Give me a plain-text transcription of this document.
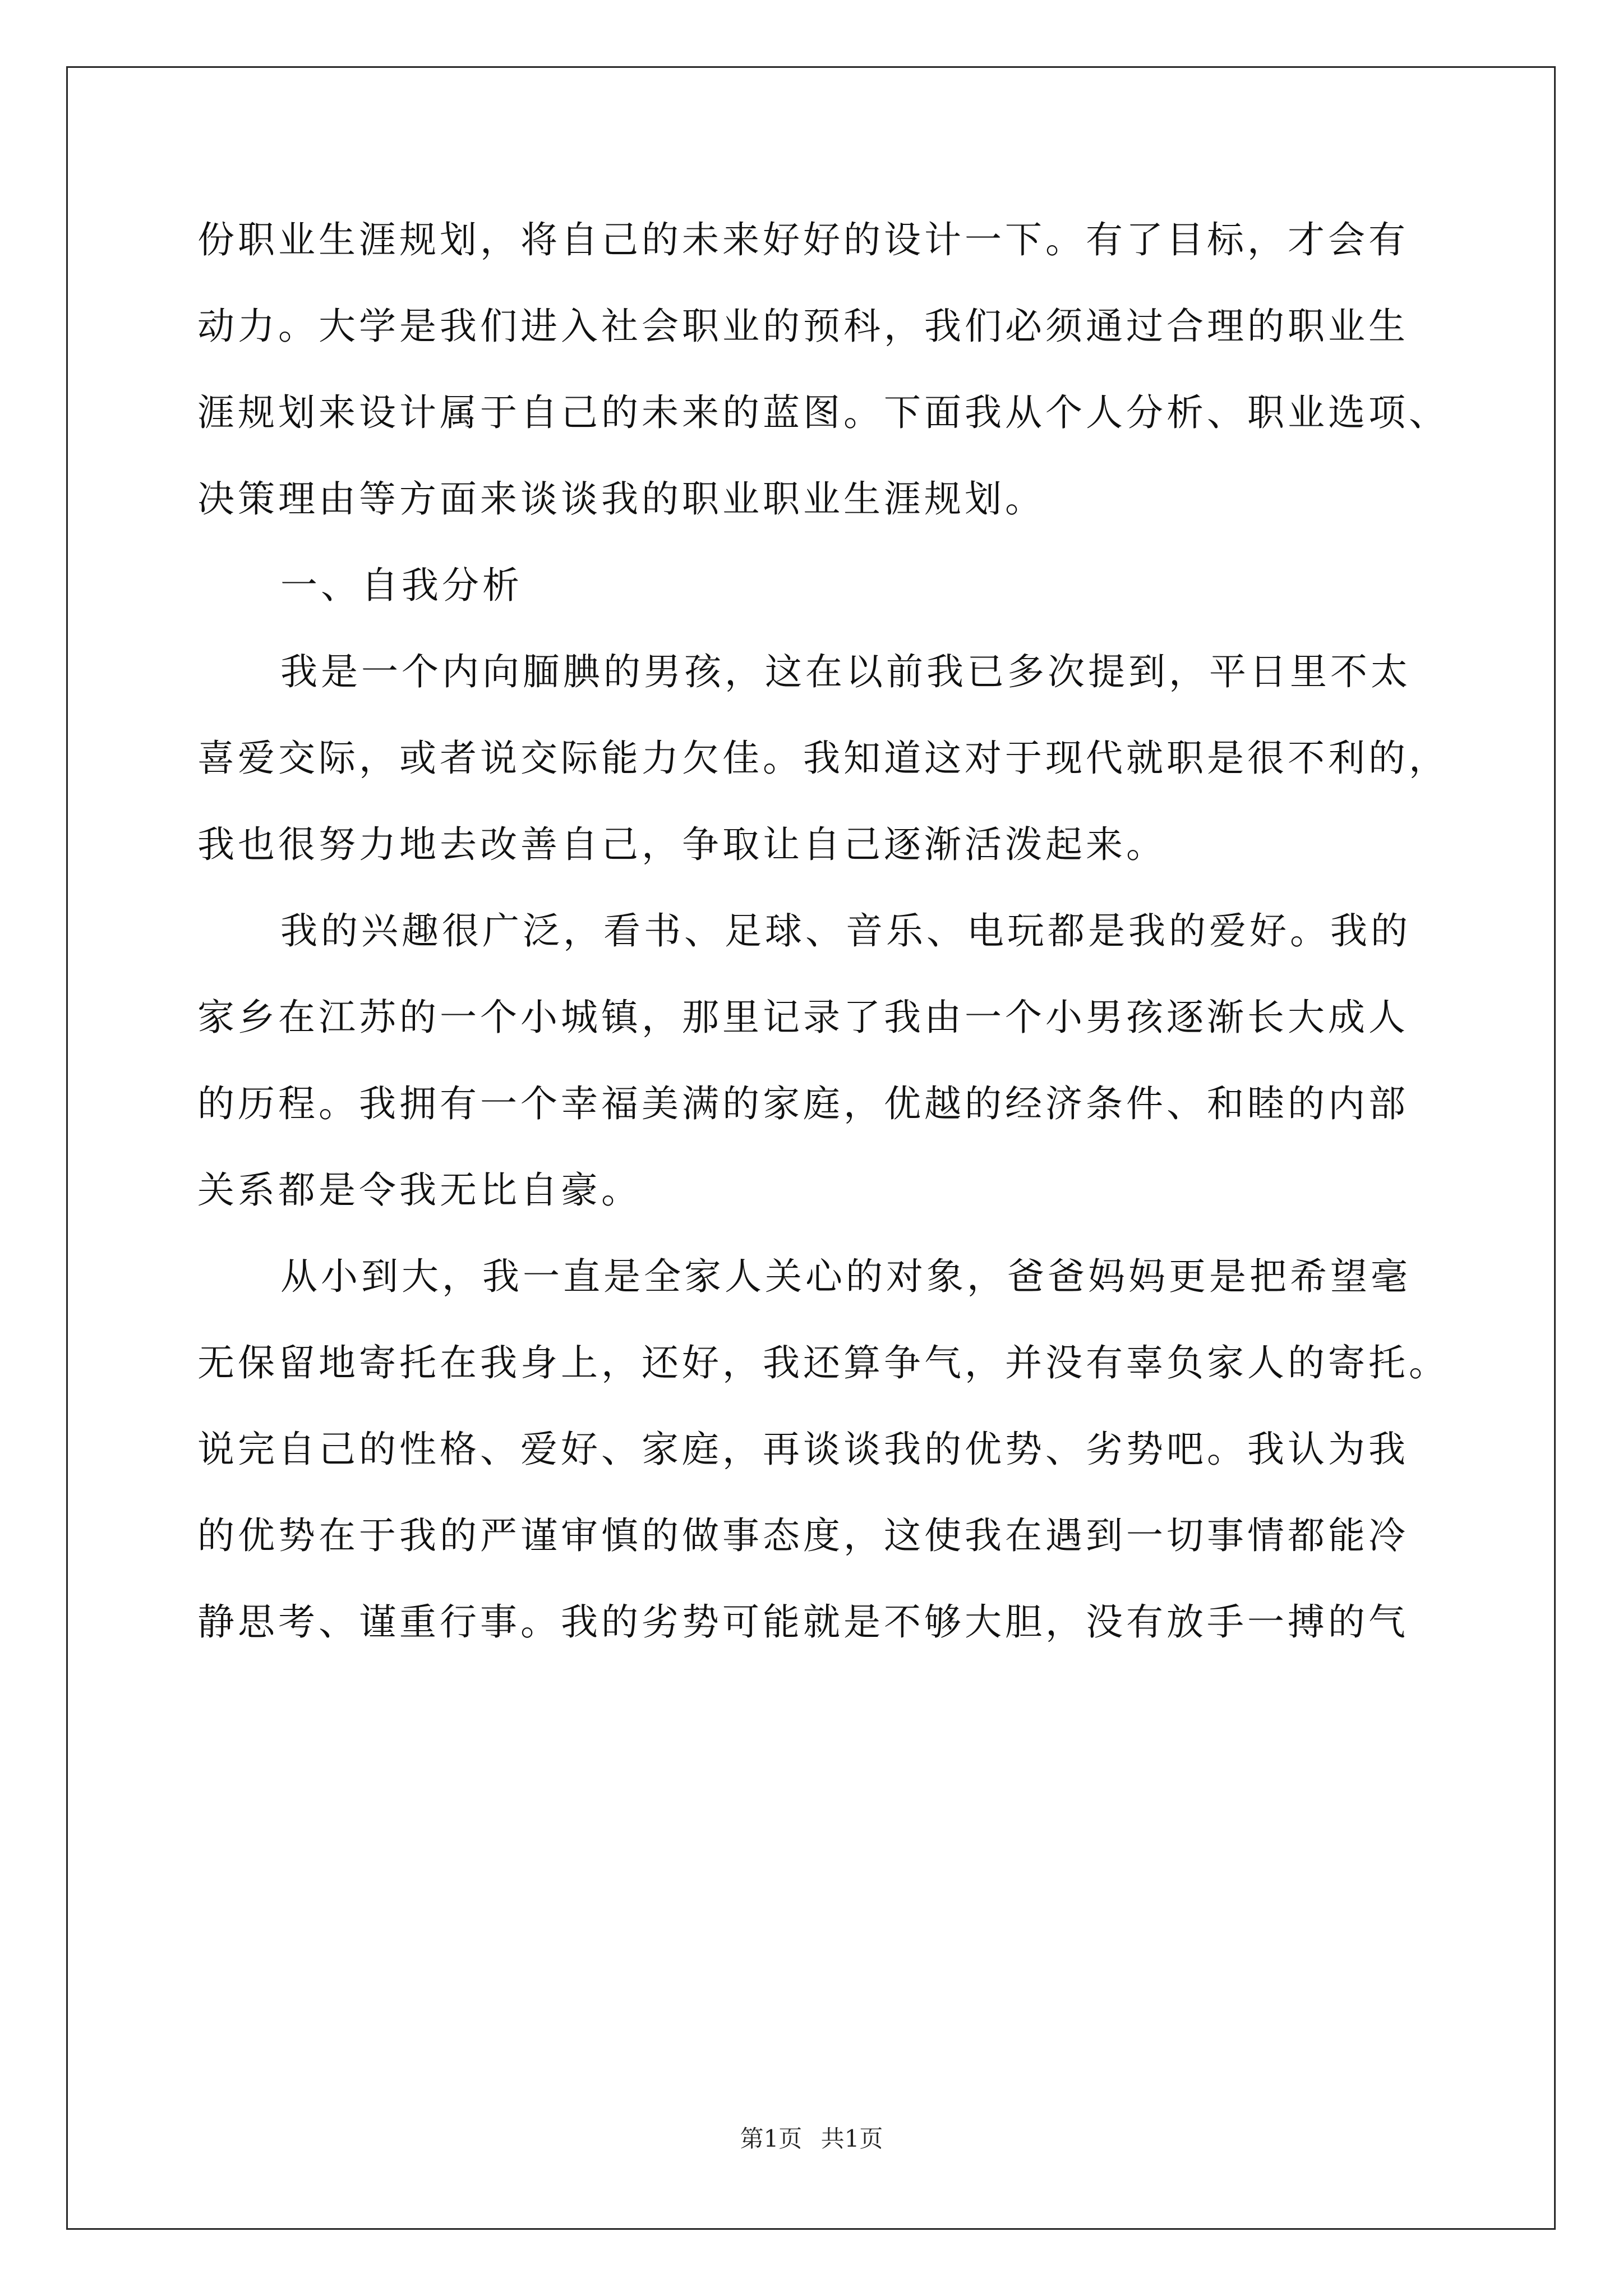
份职业生涯规划，将自己的未来好好的设计一下。有了目标，才会有
动力。大学是我们进入社会职业的预科，我们必须通过合理的职业生
涯规划来设计属于自己的未来的蓝图。下面我从个人分析、职业选项、
决策理由等方面来谈谈我的职业职业生涯规划。
一、自我分析
我是一个内向腼腆的男孩，这在以前我已多次提到，平日里不太
喜爱交际，或者说交际能力欠佳。我知道这对于现代就职是很不利的，
我也很努力地去改善自己，争取让自己逐渐活泼起来。
我的兴趣很广泛，看书、足球、音乐、电玩都是我的爱好。我的
家乡在江苏的一个小城镇，那里记录了我由一个小男孩逐渐长大成人
的历程。我拥有一个幸福美满的家庭，优越的经济条件、和睦的内部
关系都是令我无比自豪。
从小到大，我一直是全家人关心的对象，爸爸妈妈更是把希望毫
无保留地寄托在我身上，还好，我还算争气，并没有辜负家人的寄托。
说完自己的性格、爱好、家庭，再谈谈我的优势、劣势吧。我认为我
的优势在于我的严谨审慎的做事态度，这使我在遇到一切事情都能冷
静思考、谨重行事。我的劣势可能就是不够大胆，没有放手一搏的气
第1页 共1页
